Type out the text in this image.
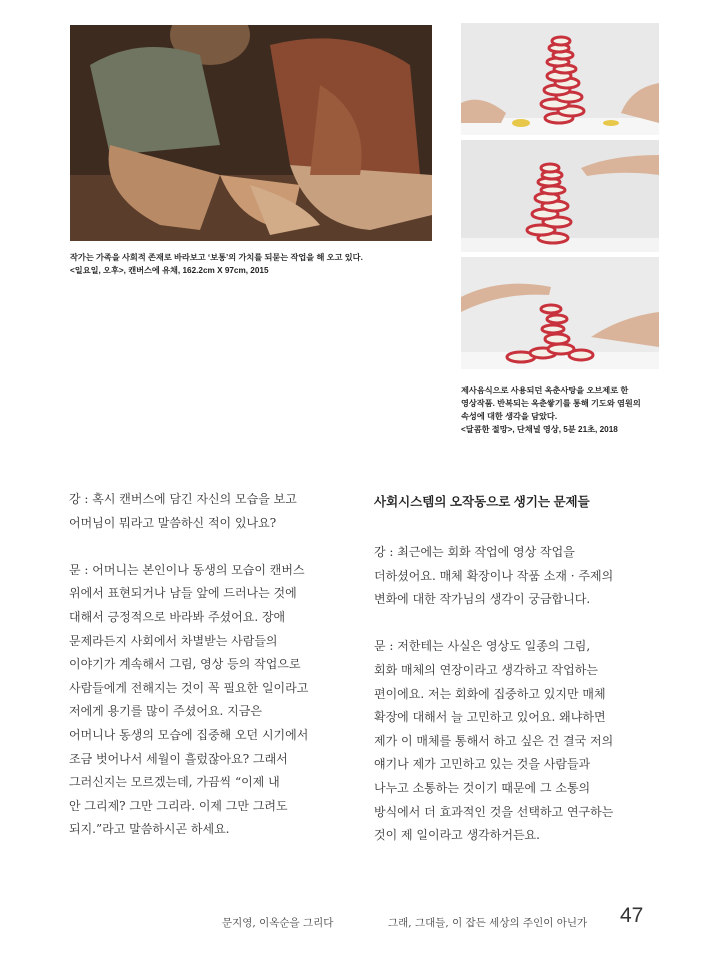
작가는 가족을 사회적 존재로 바라보고 ‘보통’의 가치를 되묻는 작업을 해 오고 있다.
<일요일, 오후>, 캔버스에 유채, 162.2cm X 97cm, 2015
제사음식으로 사용되던 옥춘사탕을 오브제로 한
영상작품. 반복되는 옥춘쌓기를 통해 기도와 염원의
속성에 대한 생각을 담았다.
<달콤한 절망>, 단채널 영상, 5분 21초, 2018
강 : 혹시 캔버스에 담긴 자신의 모습을 보고
어머님이 뭐라고 말씀하신 적이 있나요?
문 : 어머니는 본인이나 동생의 모습이 캔버스
위에서 표현되거나 남들 앞에 드러나는 것에
대해서 긍정적으로 바라봐 주셨어요. 장애
문제라든지 사회에서 차별받는 사람들의
이야기가 계속해서 그림, 영상 등의 작업으로
사람들에게 전해지는 것이 꼭 필요한 일이라고
저에게 용기를 많이 주셨어요. 지금은
어머니나 동생의 모습에 집중해 오던 시기에서
조금 벗어나서 세월이 흘렀잖아요? 그래서
그러신지는 모르겠는데, 가끔씩 “이제 내
안 그리제? 그만 그리라. 이제 그만 그려도
되지.”라고 말씀하시곤 하세요.
사회시스템의 오작동으로 생기는 문제들
강 : 최근에는 회화 작업에 영상 작업을
더하셨어요. 매체 확장이나 작품 소재 · 주제의
변화에 대한 작가님의 생각이 궁금합니다.
문 : 저한테는 사실은 영상도 일종의 그림,
회화 매체의 연장이라고 생각하고 작업하는
편이에요. 저는 회화에 집중하고 있지만 매체
확장에 대해서 늘 고민하고 있어요. 왜냐하면
제가 이 매체를 통해서 하고 싶은 건 결국 저의
얘기나 제가 고민하고 있는 것을 사람들과
나누고 소통하는 것이기 때문에 그 소통의
방식에서 더 효과적인 것을 선택하고 연구하는
것이 제 일이라고 생각하거든요.
문지영, 이옥순을 그리다	그래, 그대들, 이 잡든 세상의 주인이 아닌가 47
